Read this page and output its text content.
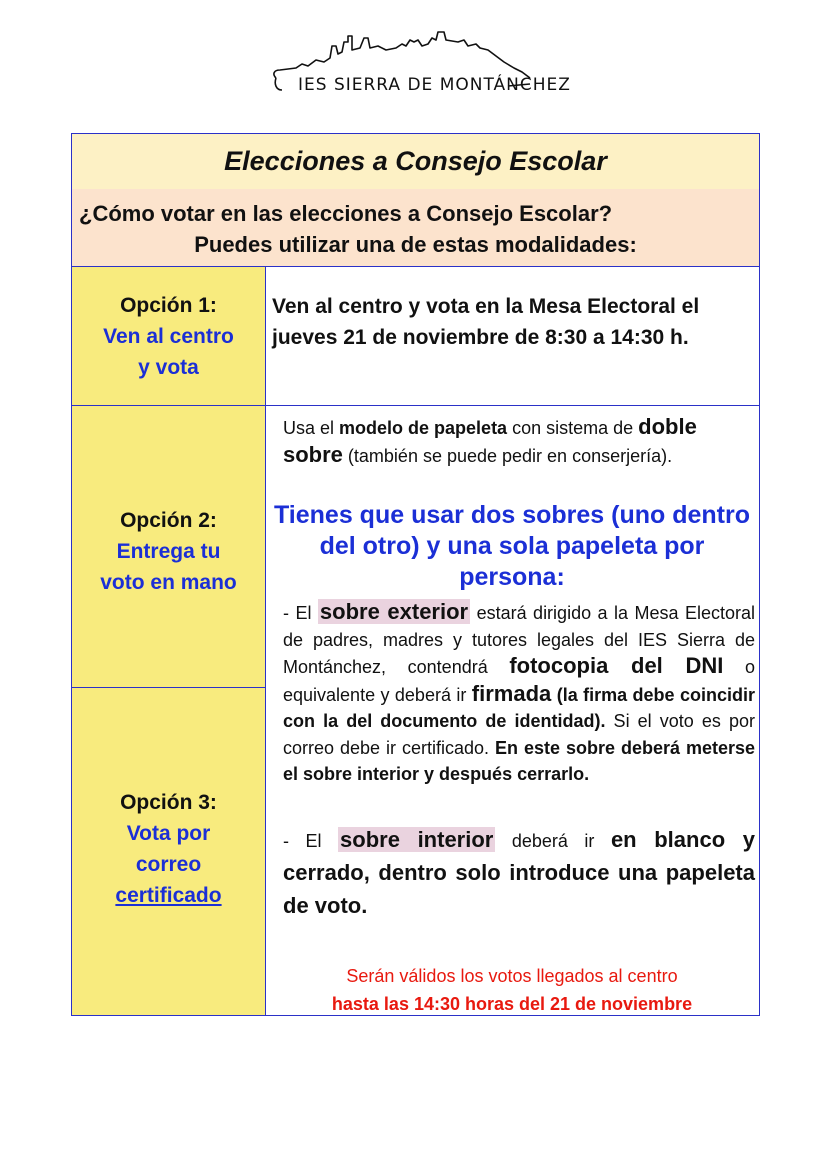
IES SIERRA DE MONTÁNCHEZ
Elecciones a Consejo Escolar
¿Cómo votar en las elecciones a Consejo Escolar?
Puedes utilizar una de estas modalidades:
Opción 1:
Ven al centro
y vota
Ven al centro y vota en la Mesa Electoral el jueves 21 de noviembre de 8:30 a 14:30 h.
Opción 2:
Entrega tu
voto en mano
Opción 3:
Vota por
correo
certificado
Usa el modelo de papeleta con sistema de doble sobre (también se puede pedir en conserjería).
Tienes que usar dos sobres (uno dentro del otro) y una sola papeleta por persona:
- El sobre exterior estará dirigido a la Mesa Electoral de padres, madres y tutores legales del IES Sierra de Montánchez, contendrá fotocopia del DNI o equivalente y deberá ir firmada (la firma debe coincidir con la del documento de identidad). Si el voto es por correo debe ir certificado. En este sobre deberá meterse el sobre interior y después cerrarlo.
- El sobre interior deberá ir en blanco y cerrado, dentro solo introduce una papeleta de voto.
Serán válidos los votos llegados al centro
hasta las 14:30 horas del 21 de noviembre
